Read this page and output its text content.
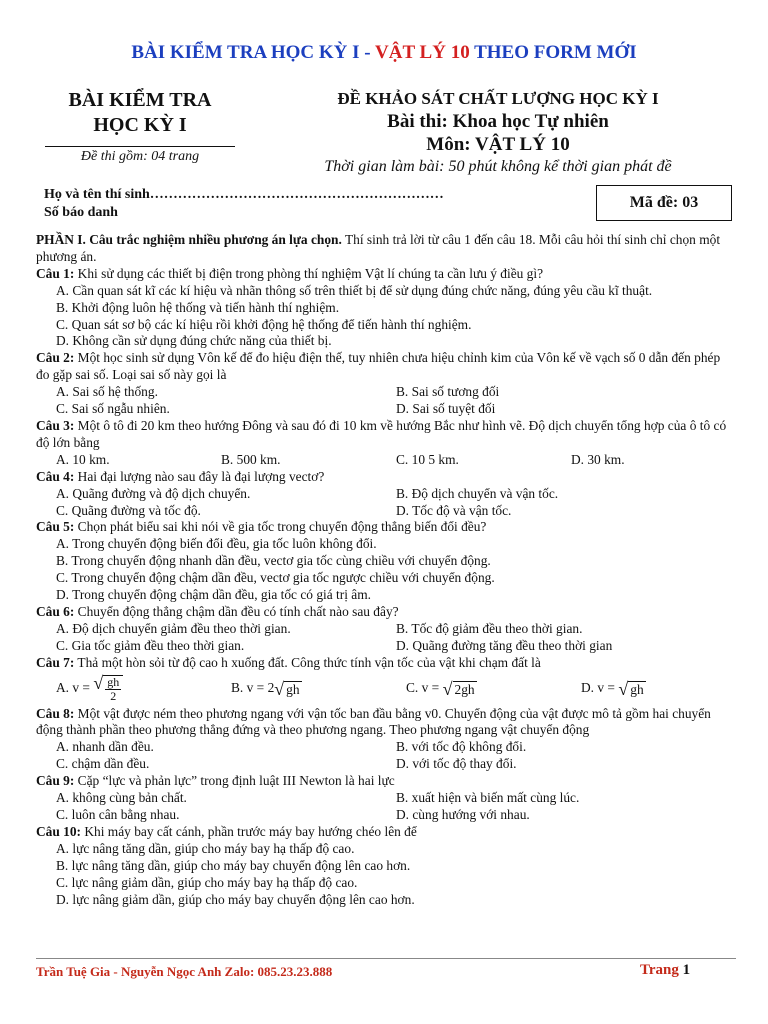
BÀI KIỂM TRA HỌC KỲ I - VẬT LÝ 10 THEO FORM MỚI
BÀI KIỂM TRA
HỌC KỲ I
Đề thi gồm: 04 trang
ĐỀ KHẢO SÁT CHẤT LƯỢNG HỌC KỲ I
Bài thi: Khoa học Tự nhiên
Môn: VẬT LÝ 10
Thời gian làm bài: 50 phút không kể thời gian phát đề
Họ và tên thí sinh………………………………………………………
Số báo danh
Mã đề: 03

PHẦN I. Câu trắc nghiệm nhiều phương án lựa chọn. Thí sinh trả lời từ câu 1 đến câu 18. Mỗi câu hỏi thí sinh chỉ chọn một phương án.

Câu 1: Khi sử dụng các thiết bị điện trong phòng thí nghiệm Vật lí chúng ta cần lưu ý điều gì?

A. Cần quan sát kĩ các kí hiệu và nhãn thông số trên thiết bị để sử dụng đúng chức năng, đúng yêu cầu kĩ thuật.

B. Khởi động luôn hệ thống và tiến hành thí nghiệm.

C. Quan sát sơ bộ các kí hiệu rồi khởi động hệ thống để tiến hành thí nghiệm.

D. Không cần sử dụng đúng chức năng của thiết bị.

Câu 2: Một học sinh sử dụng Vôn kế để đo hiệu điện thế, tuy nhiên chưa hiệu chỉnh kim của Vôn kế về vạch số 0 dẫn đến phép đo gặp sai số. Loại sai số này gọi là

A. Sai số hệ thống.	B. Sai số tương đối
C. Sai số ngẫu nhiên.	D. Sai số tuyệt đối

Câu 3: Một ô tô đi 20 km theo hướng Đông và sau đó đi 10 km về hướng Bắc như hình vẽ. Độ dịch chuyển tổng hợp của ô tô có độ lớn bằng

A. 10 km.	B. 500 km.	C. 10 5 km.	D. 30 km.

Câu 4: Hai đại lượng nào sau đây là đại lượng vectơ?

A. Quãng đường và độ dịch chuyển.	B. Độ dịch chuyển và vận tốc.
C. Quãng đường và tốc độ.	D. Tốc độ và vận tốc.

Câu 5: Chọn phát biểu sai khi nói về gia tốc trong chuyển động thẳng biến đổi đều?

A. Trong chuyển động biến đổi đều, gia tốc luôn không đổi.

B. Trong chuyển động nhanh dần đều, vectơ gia tốc cùng chiều với chuyển động.

C. Trong chuyển động chậm dần đều, vectơ gia tốc ngược chiều với chuyển động.

D. Trong chuyển động chậm dần đều, gia tốc có giá trị âm.

Câu 6: Chuyển động thẳng chậm dần đều có tính chất nào sau đây?

A. Độ dịch chuyển giảm đều theo thời gian.	B. Tốc độ giảm đều theo thời gian.
C. Gia tốc giảm đều theo thời gian.	D. Quãng đường tăng đều theo thời gian

Câu 7: Thả một hòn sỏi từ độ cao h xuống đất. Công thức tính vận tốc của vật khi chạm đất là

A. v = √ $\frac{gh}{2}$	B. v = 2 √ gh	C. v = √ 2gh	D. v = √ gh

Câu 8: Một vật được ném theo phương ngang với vận tốc ban đầu bằng v0. Chuyển động của vật được mô tả gồm hai chuyển động thành phần theo phương thẳng đứng và theo phương ngang. Theo phương ngang vật chuyển động

A. nhanh dần đều.	B. với tốc độ không đổi.
C. chậm dần đều.	D. với tốc độ thay đổi.

Câu 9: Cặp “lực và phản lực” trong định luật III Newton là hai lực

A. không cùng bản chất.	B. xuất hiện và biến mất cùng lúc.
C. luôn cân bằng nhau.	D. cùng hướng với nhau.

Câu 10: Khi máy bay cất cánh, phần trước máy bay hướng chéo lên để

A. lực nâng tăng dần, giúp cho máy bay hạ thấp độ cao.

B. lực nâng tăng dần, giúp cho máy bay chuyển động lên cao hơn.

C. lực nâng giảm dần, giúp cho máy bay hạ thấp độ cao.

D. lực nâng giảm dần, giúp cho máy bay chuyển động lên cao hơn.

Trần Tuệ Gia - Nguyễn Ngọc Anh Zalo: 085.23.23.888	Trang 1
